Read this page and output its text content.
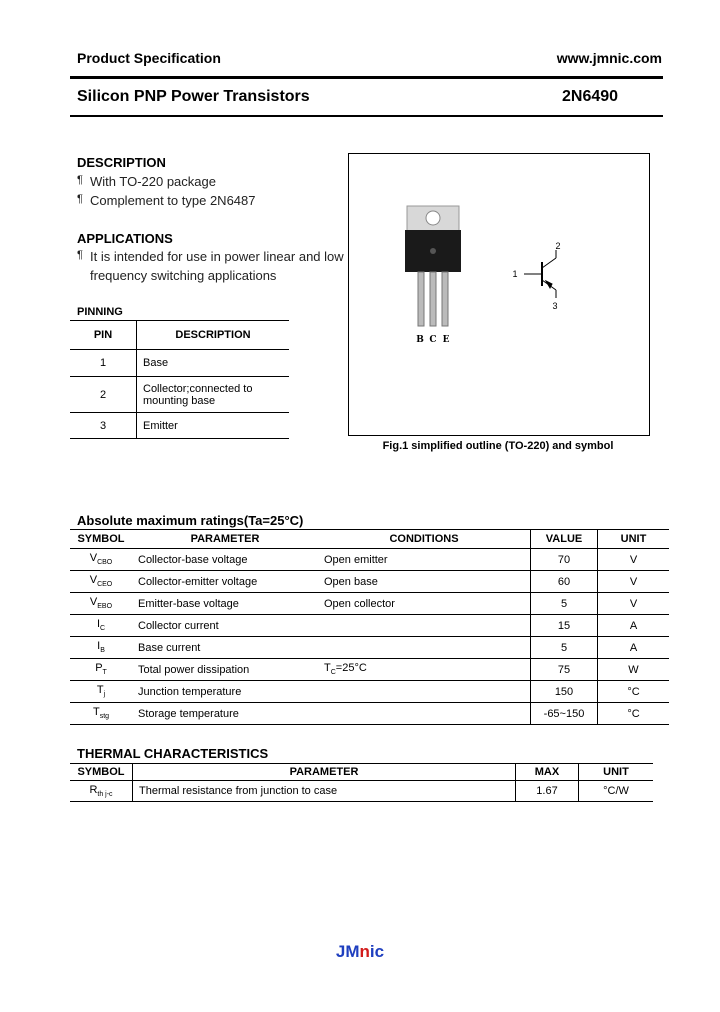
Product Specification	www.jmnic.com
Silicon PNP Power Transistors	2N6490
DESCRIPTION
¶ With TO-220 package
¶ Complement to type 2N6487
APPLICATIONS
¶ It is intended for use in power linear and low
frequency switching applications
PINNING
PIN	DESCRIPTION
1	Base
2	Collector;connected to
mounting base

3	Emitter
B C E
1
2
3
Fig.1 simplified outline (TO-220) and symbol
Absolute maximum ratings(Ta=25°C)
SYMBOL	PARAMETER	CONDITIONS	VALUE	UNIT
$V_{CBO}$	Collector-base voltage	Open emitter	70	V
$V_{CEO}$	Collector-emitter voltage	Open base	60	V
$V_{EBO}$	Emitter-base voltage	Open collector	5	V
$I_C$	Collector current		15	A
$I_B$	Base current		5	A
$P_T$	Total power dissipation	$T_C=25^\circ C$	75	W
$T_j$	Junction temperature		150	°C
$T_{stg}$	Storage temperature		-65~150	°C
THERMAL CHARACTERISTICS
SYMBOL	PARAMETER	MAX	UNIT
$R_{th j-c}$	Thermal resistance from junction to case	1.67	°C/W
JMnic
